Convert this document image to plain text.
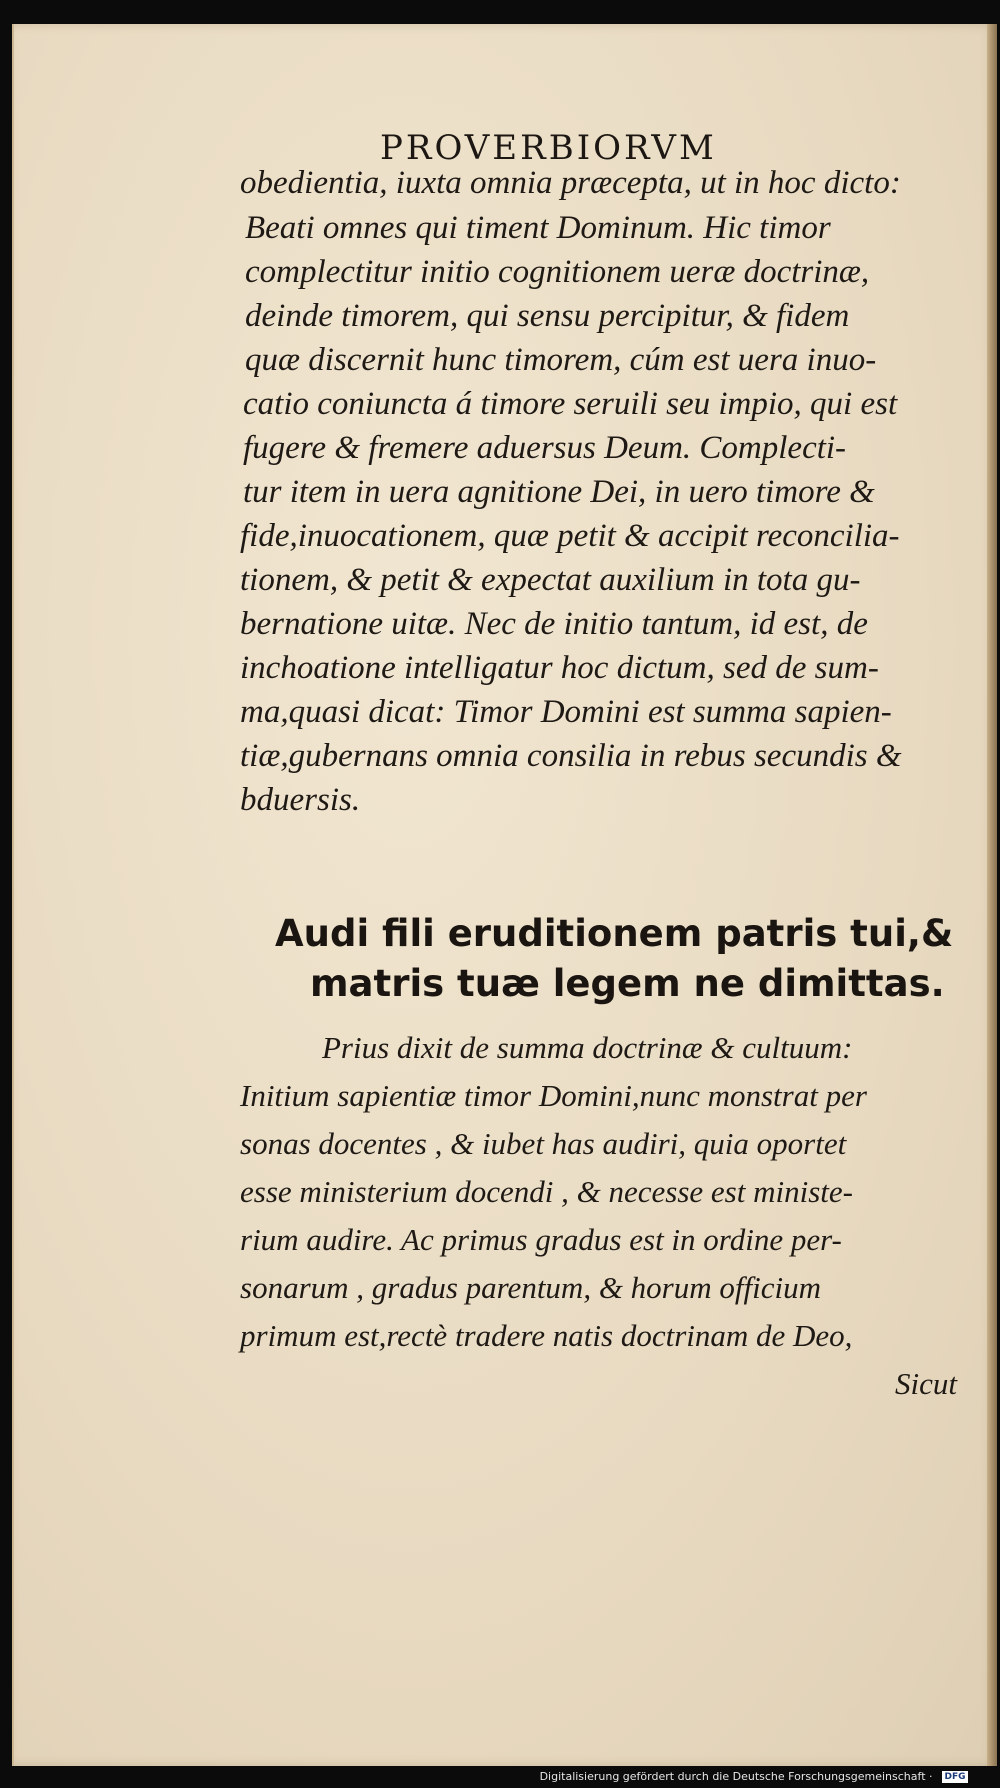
PROVERBIORVM
obedientia, iuxta omnia præcepta, ut in hoc dicto:
Beati omnes qui timent Dominum. Hic timor
complectitur initio cognitionem ueræ doctrinæ,
deinde timorem, qui sensu percipitur, & fidem
quæ discernit hunc timorem, cúm est uera inuo-
catio coniuncta á timore seruili seu impio, qui est
fugere & fremere aduersus Deum. Complecti-
tur item in uera agnitione Dei, in uero timore &
fide,inuocationem, quæ petit & accipit reconcilia-
tionem, & petit & expectat auxilium in tota gu-
bernatione uitæ. Nec de initio tantum, id est, de
inchoatione intelligatur hoc dictum, sed de sum-
ma,quasi dicat: Timor Domini est summa sapien-
tiæ,gubernans omnia consilia in rebus secundis &
bduersis.
Audi fili eruditionem patris tui,&
matris tuæ legem ne dimittas.
Prius dixit de summa doctrinæ & cultuum:
Initium sapientiæ timor Domini,nunc monstrat per
sonas docentes , & iubet has audiri, quia oportet
esse ministerium docendi , & necesse est ministe-
rium audire. Ac primus gradus est in ordine per-
sonarum , gradus parentum, & horum officium
primum est,rectè tradere natis doctrinam de Deo,
Sicut
Digitalisierung gefördert durch die Deutsche Forschungsgemeinschaft · DFG
